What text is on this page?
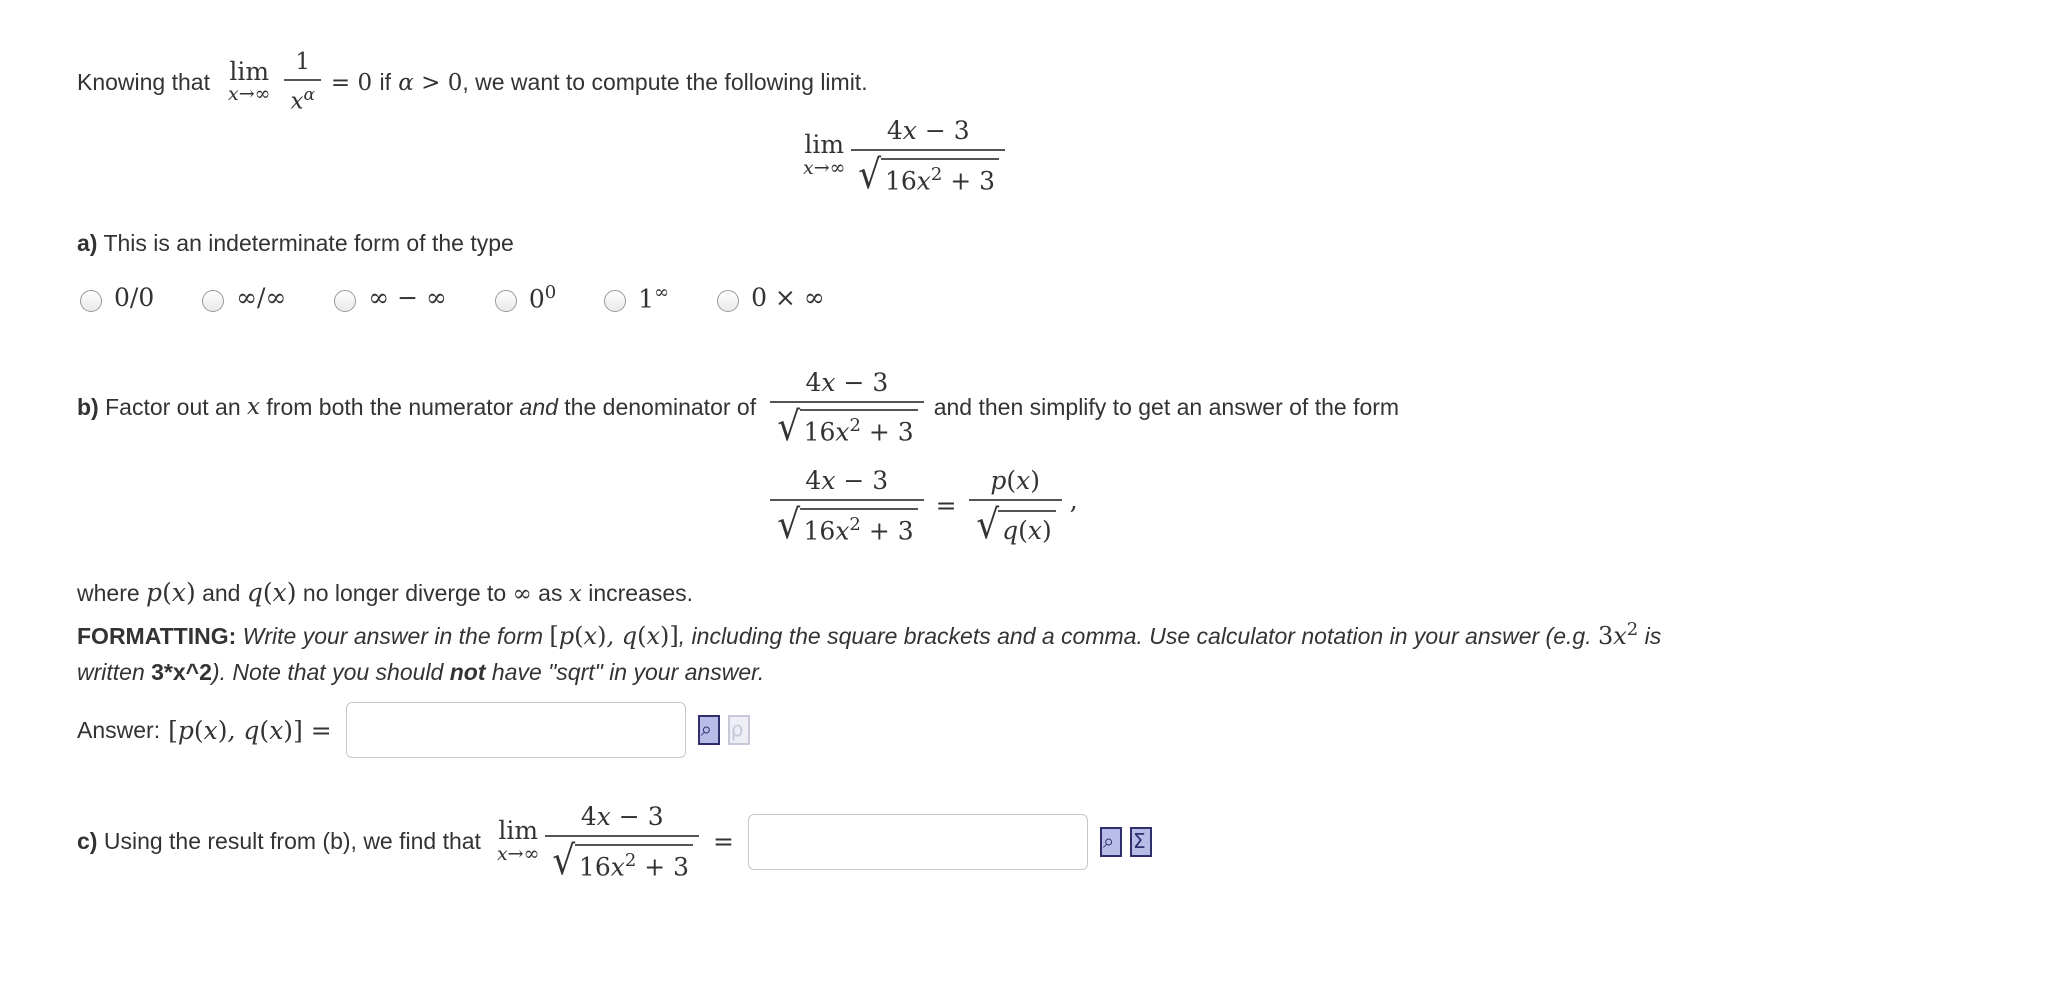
Knowing that lim
$x\to\infty \frac{1}{x^\alpha} = 0$ if α > 0 , we want to compute the following limit.
lim
$x\to\infty \frac{4x - 3}{√ 16x^2 + 3}$
a) This is an indeterminate form of the type
0/0	∞/∞	∞ − ∞	$0^0$	1∞	0 × ∞
b)
Factor out an
x
from both the numerator
and
the denominator of $\frac{4x - 3}{√ 16x^2 + 3}$ and then simplify to get an answer of the form
$\frac{4x - 3}{√ 16x^2 + 3} = \frac{p(x)}{√ q(x)}$ ,
where p(x) and q(x) no longer diverge to ∞ as x increases.
FORMATTING: Write your answer in the form [p(x), q(x)], including the square brackets and a comma. Use calculator notation in your answer (e.g. $3x^2$ is
written 3*x^2). Note that you should not have "sqrt" in your answer.
Answer: [p(x), q(x)] =	⌕ ρ
c)
Using the result from (b), we find that lim
$x\to\infty \frac{4x - 3}{√ 16x^2 + 3}$ =	⌕ Σ
